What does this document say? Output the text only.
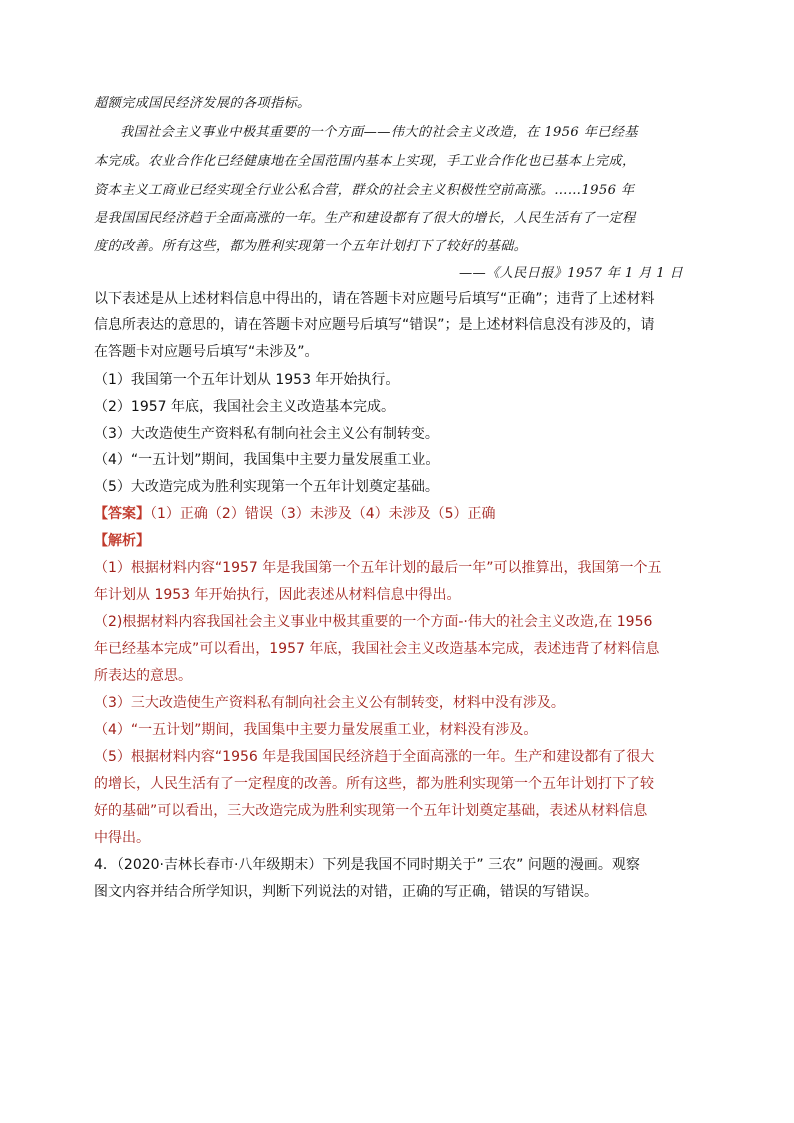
超额完成国民经济发展的各项指标。
我国社会主义事业中极其重要的一个方面——伟大的社会主义改造，在 1956 年已经基
本完成。农业合作化已经健康地在全国范围内基本上实现，手工业合作化也已基本上完成，
资本主义工商业已经实现全行业公私合营，群众的社会主义积极性空前高涨。……1956 年
是我国国民经济趋于全面高涨的一年。生产和建设都有了很大的增长，人民生活有了一定程
度的改善。所有这些，都为胜利实现第一个五年计划打下了较好的基础。
——《人民日报》1957 年 1 月 1 日
以下表述是从上述材料信息中得出的，请在答题卡对应题号后填写“正确”；违背了上述材料
信息所表达的意思的，请在答题卡对应题号后填写“错误”；是上述材料信息没有涉及的，请
在答题卡对应题号后填写“未涉及”。
（1）我国第一个五年计划从 1953 年开始执行。
（2）1957 年底，我国社会主义改造基本完成。
（3）大改造使生产资料私有制向社会主义公有制转变。
（4）“一五计划”期间，我国集中主要力量发展重工业。
（5）大改造完成为胜利实现第一个五年计划奠定基础。
【答案】（1）正确（2）错误（3）未涉及（4）未涉及（5）正确
【解析】
（1）根据材料内容“1957 年是我国第一个五年计划的最后一年”可以推算出，我国第一个五
年计划从 1953 年开始执行，因此表述从材料信息中得出。
（2)根据材料内容我国社会主义事业中极其重要的一个方面-·伟大的社会主义改造,在 1956
年已经基本完成”可以看出，1957 年底，我国社会主义改造基本完成，表述违背了材料信息
所表达的意思。
（3）三大改造使生产资料私有制向社会主义公有制转变，材料中没有涉及。
（4）“一五计划”期间，我国集中主要力量发展重工业，材料没有涉及。
（5）根据材料内容“1956 年是我国国民经济趋于全面高涨的一年。生产和建设都有了很大
的增长，人民生活有了一定程度的改善。所有这些，都为胜利实现第一个五年计划打下了较
好的基础”可以看出，三大改造完成为胜利实现第一个五年计划奠定基础，表述从材料信息
中得出。
4．（2020·吉林长春市·八年级期末）下列是我国不同时期关于” 三农” 问题的漫画。观察
图文内容并结合所学知识，判断下列说法的对错，正确的写正确，错误的写错误。
